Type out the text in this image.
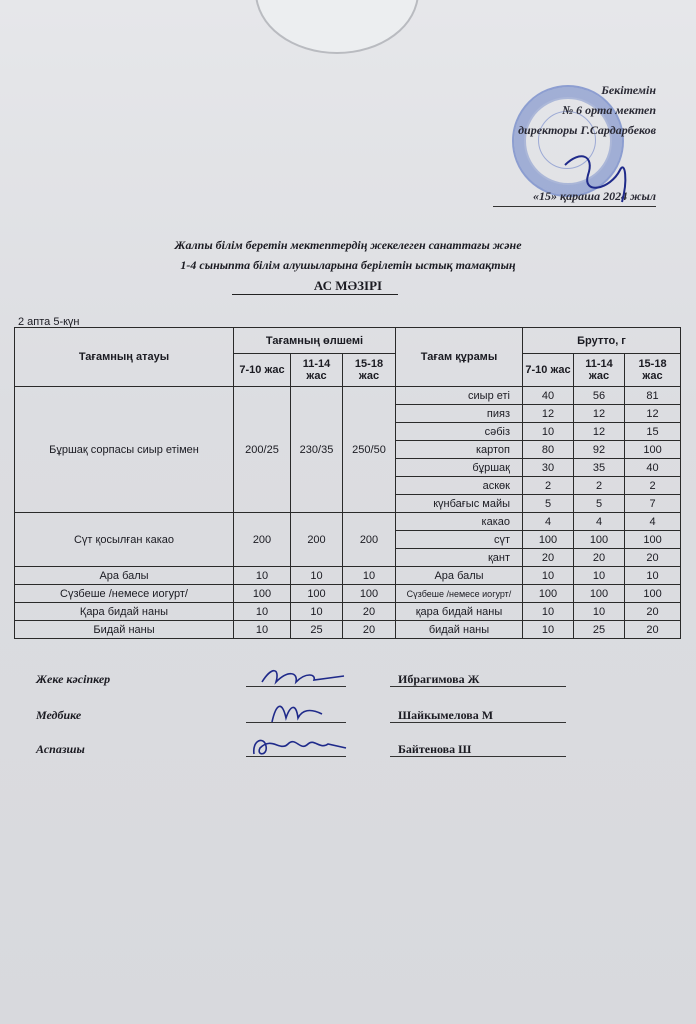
Бекітемін
№ 6 орта мектеп
директоры Г.Сардарбеков
«15» қараша 2024 жыл
Жалпы білім беретін мектептердің жекелеген санаттағы және
1-4 сыныпта білім алушыларына берілетін ыстық тамақтың
АС МӘЗІРІ
2 апта 5-күн
Тағамның атауы	Тағамның өлшемі			Тағам құрамы	Брутто, г		
	7-10 жас	11-14 жас	15-18 жас		7-10 жас	11-14 жас	15-18 жас
Бұршақ сорпасы сиыр етімен	200/25	230/35	250/50	сиыр еті	40	56	81
				пияз	12	12	12
				сәбіз	10	12	15
				картоп	80	92	100
				бұршақ	30	35	40
				аскөк	2	2	2
				күнбағыс майы	5	5	7
Сүт қосылған какао	200	200	200	какао	4	4	4
				сүт	100	100	100
				қант	20	20	20
Ара балы	10	10	10	Ара балы	10	10	10
Сүзбеше /немесе иогурт/	100	100	100	Сүзбеше /немесе иогурт/	100	100	100
Қара бидай наны	10	10	20	қара бидай наны	10	10	20
Бидай наны	10	25	20	бидай наны	10	25	20
Жеке кәсіпкер	Ибрагимова Ж
Медбике	Шайкымелова М
Аспазшы	Байтенова Ш
